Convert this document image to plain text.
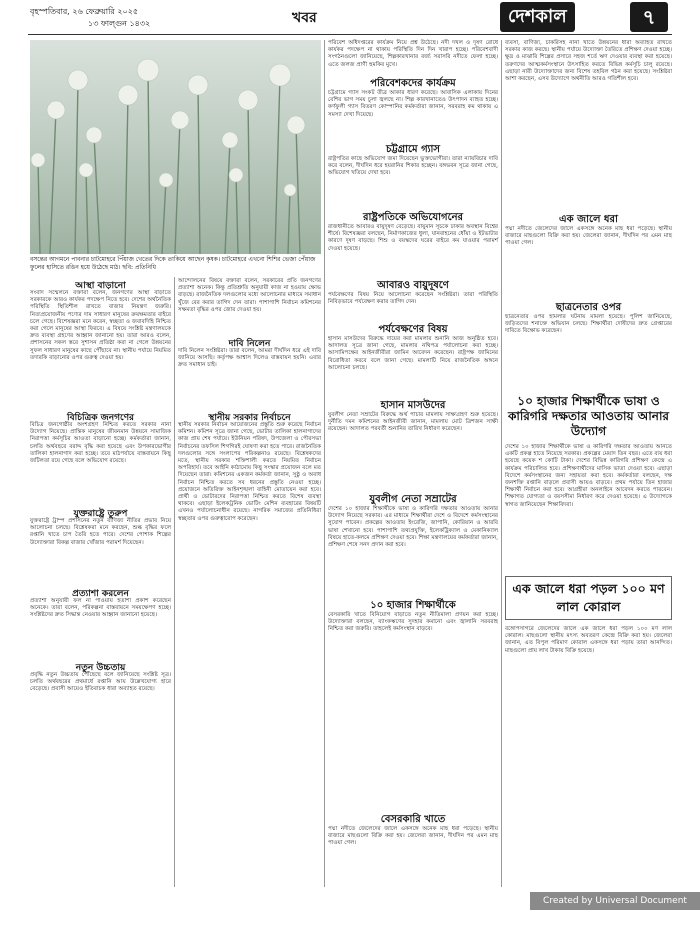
বৃহস্পতিবার, ২৬ ফেব্রুয়ারি ২০২৫
১৩ ফাল্গুন ১৪৩২	খবর	দেশকাল	৭
বসন্তের আগমনে পাবনার চাটমোহরে পিঁয়াজ খেতের দিকে তাকিয়ে আছেন কৃষক। চাটমোহরে এখনো শিশির ভেজা পেঁয়াজ ফুলের হাসিতে রঙিন হয়ে উঠেছে মাঠ। ছবি: প্রতিনিধি
আস্থা বাড়ানো
সংবাদ সম্মেলনে বক্তারা বলেন, জনগণের আস্থা বাড়াতে সরকারকে আরও কার্যকর পদক্ষেপ নিতে হবে। দেশের অর্থনৈতিক পরিস্থিতি স্থিতিশীল রাখতে বাজার নিয়ন্ত্রণ জরুরি। নিত্যপ্রয়োজনীয় পণ্যের দাম সাধারণ মানুষের ক্রয়ক্ষমতার বাইরে চলে গেছে। বিশেষজ্ঞরা মনে করেন, স্বচ্ছতা ও জবাবদিহি নিশ্চিত করা গেলে মানুষের আস্থা ফিরবে। এ বিষয়ে সংশ্লিষ্ট মন্ত্রণালয়কে দ্রুত ব্যবস্থা গ্রহণের আহ্বান জানানো হয়। তারা আরও বলেন, প্রশাসনের সকল স্তরে সুশাসন প্রতিষ্ঠা করা না গেলে উন্নয়নের সুফল সাধারণ মানুষের কাছে পৌঁছাবে না। স্থানীয় পর্যায়ে নিয়মিত তদারকি বাড়ানোর ওপর গুরুত্ব দেওয়া হয়।
বিচিত্রিক জনগণের
বিচিত্র জনগোষ্ঠীর অংশগ্রহণ নিশ্চিত করতে সরকার নানা উদ্যোগ নিয়েছে। প্রান্তিক মানুষের জীবনমান উন্নয়নে সামাজিক নিরাপত্তা কর্মসূচির আওতা বাড়ানো হচ্ছে। কর্মকর্তারা জানান, চলতি অর্থবছরে বরাদ্দ বৃদ্ধি করা হয়েছে এবং উপকারভোগীর তালিকা হালনাগাদ করা হচ্ছে। তবে মাঠপর্যায়ে বাস্তবায়নে কিছু জটিলতা রয়ে গেছে বলে অভিযোগ রয়েছে।
যুক্তরাষ্ট্রে তুরুপ
যুক্তরাষ্ট্রে ট্রাম্প প্রশাসনের নতুন বাণিজ্য নীতির প্রভাব নিয়ে আলোচনা চলছে। বিশ্লেষকরা মনে করছেন, শুল্ক বৃদ্ধির ফলে রপ্তানি খাতে চাপ তৈরি হতে পারে। দেশের পোশাক শিল্পের উদ্যোক্তারা বিকল্প বাজার খোঁজার পরামর্শ দিয়েছেন।
প্রত্যাশা করলেন
প্রত্যাশা অনুযায়ী ফল না পাওয়ায় হতাশা প্রকাশ করেছেন অনেকে। তারা বলেন, পরিকল্পনা বাস্তবায়নে সময়ক্ষেপণ হচ্ছে। সংশ্লিষ্টদের দ্রুত সিদ্ধান্ত নেওয়ার আহ্বান জানানো হয়েছে।
নতুন উচ্চতায়
প্রবৃদ্ধি নতুন উচ্চতায় পৌঁছেছে বলে জানিয়েছে সংশ্লিষ্ট সূত্র। চলতি অর্থবছরের প্রথমার্ধে রপ্তানি আয় উল্লেখযোগ্য হারে বেড়েছে। প্রবাসী আয়েও ইতিবাচক ধারা অব্যাহত রয়েছে।
আন্দোলনের বিষয়ে বক্তারা বলেন, সরকারের প্রতি জনগণের প্রত্যাশা অনেক। কিন্তু প্রতিশ্রুতি অনুযায়ী কাজ না হওয়ায় ক্ষোভ বাড়ছে। রাজনৈতিক দলগুলোর মধ্যে আলোচনার মাধ্যমে সমাধান খুঁজে বের করার তাগিদ দেন তারা। পাশাপাশি নির্বাচন কমিশনের সক্ষমতা বৃদ্ধির ওপর জোর দেওয়া হয়।
দাবি নিলেন
দাবি নিলেন সংশ্লিষ্টরা। তারা বলেন, আমরা দীর্ঘদিন ধরে এই দাবি জানিয়ে আসছি। কর্তৃপক্ষ আশ্বাস দিলেও বাস্তবায়ন হয়নি। এবার দ্রুত সমাধান চাই।
স্থানীয় সরকার নির্বাচনে
স্থানীয় সরকার নির্বাচন আয়োজনের প্রস্তুতি শুরু করেছে নির্বাচন কমিশন। কমিশন সূত্রে জানা গেছে, ভোটার তালিকা হালনাগাদের কাজ প্রায় শেষ পর্যায়ে। ইউনিয়ন পরিষদ, উপজেলা ও পৌরসভা নির্বাচনের তফসিল শিগগিরই ঘোষণা করা হতে পারে। রাজনৈতিক দলগুলোর সঙ্গে সংলাপের পরিকল্পনাও রয়েছে। বিশ্লেষকদের মতে, স্থানীয় সরকার শক্তিশালী করতে নিয়মিত নির্বাচন অপরিহার্য। তবে আইনি কাঠামোয় কিছু সংস্কার প্রয়োজন বলে মত দিয়েছেন তারা। কমিশনের একজন কর্মকর্তা জানান, সুষ্ঠু ও অবাধ নির্বাচন নিশ্চিত করতে সব ধরনের প্রস্তুতি নেওয়া হচ্ছে। প্রয়োজনে অতিরিক্ত আইনশৃঙ্খলা বাহিনী মোতায়েন করা হবে। প্রার্থী ও ভোটারদের নিরাপত্তা নিশ্চিত করতে বিশেষ ব্যবস্থা থাকবে। এছাড়া ইলেকট্রনিক ভোটিং মেশিন ব্যবহারের বিষয়টি এখনও পর্যালোচনাধীন রয়েছে। নাগরিক সমাজের প্রতিনিধিরা স্বচ্ছতার ওপর গুরুত্বারোপ করেছেন।
পরিবেশ অধিদপ্তরের কার্যক্রম নিয়ে প্রশ্ন উঠেছে। নদী দখল ও দূষণ রোধে কার্যকর পদক্ষেপ না থাকায় পরিস্থিতি দিন দিন খারাপ হচ্ছে। পরিবেশবাদী সংগঠনগুলো জানিয়েছে, শিল্পকারখানার বর্জ্য সরাসরি নদীতে ফেলা হচ্ছে। এতে জলজ প্রাণী হুমকির মুখে।
পরিবেশকদের কার্যক্রম
চট্টগ্রামে গ্যাস সংকট তীব্র আকার ধারণ করেছে। আবাসিক এলাকায় দিনের বেশির ভাগ সময় চুলা জ্বলছে না। শিল্প কারখানাতেও উৎপাদন ব্যাহত হচ্ছে। কর্ণফুলী গ্যাস বিতরণ কোম্পানির কর্মকর্তারা জানান, সরবরাহ কম থাকায় এ সমস্যা দেখা দিয়েছে।
চট্টগ্রামে গ্যাস
রাষ্ট্রপতির কাছে অভিযোগ জমা দিয়েছেন ভুক্তভোগীরা। তারা ন্যায়বিচার দাবি করে বলেন, দীর্ঘদিন ধরে হয়রানির শিকার হচ্ছেন। বঙ্গভবন সূত্রে জানা গেছে, অভিযোগ খতিয়ে দেখা হবে।
রাষ্ট্রপতিকে অভিযোগনের
রাজধানীতে আবারও বায়ুদূষণ বেড়েছে। বায়ুমান সূচকে ঢাকার অবস্থান বিশ্বের শীর্ষে। বিশেষজ্ঞরা বলছেন, নির্মাণকাজের ধুলা, যানবাহনের ধোঁয়া ও ইটভাটার কারণে দূষণ বাড়ছে। শিশু ও বয়স্কদের ঘরের বাইরে কম যাওয়ার পরামর্শ দেওয়া হয়েছে।
আবারও বায়ুদূষণে
পর্যবেক্ষণের বিষয় নিয়ে আলোচনা করেছেন সংশ্লিষ্টরা। তারা পরিস্থিতি নিবিড়ভাবে পর্যবেক্ষণ করার তাগিদ দেন।
পর্যবেক্ষণের বিষয়
হাসান মাসউদের বিরুদ্ধে দায়ের করা মামলার শুনানি আজ অনুষ্ঠিত হবে। আদালত সূত্রে জানা গেছে, মামলার নথিপত্র পর্যালোচনা করা হচ্ছে। আসামিপক্ষের আইনজীবীরা জামিন আবেদন করেছেন। রাষ্ট্রপক্ষ জামিনের বিরোধিতা করবে বলে জানা গেছে। মামলাটি নিয়ে রাজনৈতিক অঙ্গনে আলোচনা চলছে।
হাসান মাসউদের
যুবলীগ নেতা সম্রাটের বিরুদ্ধে অর্থ পাচার মামলায় সাক্ষ্যগ্রহণ শুরু হয়েছে। দুর্নীতি দমন কমিশনের আইনজীবী জানান, মামলায় মোট ত্রিশজন সাক্ষী রয়েছেন। আদালত পরবর্তী শুনানির তারিখ নির্ধারণ করেছেন।
যুবলীগ নেতা সম্রাটের
দেশের ১০ হাজার শিক্ষার্থীকে ভাষা ও কারিগরি দক্ষতার আওতায় আনার উদ্যোগ নিয়েছে সরকার। এর মাধ্যমে শিক্ষার্থীরা দেশে ও বিদেশে কর্মসংস্থানের সুযোগ পাবেন। প্রকল্পের আওতায় ইংরেজি, জাপানি, কোরিয়ান ও আরবি ভাষা শেখানো হবে। পাশাপাশি তথ্যপ্রযুক্তি, ইলেকট্রিক্যাল ও মেকানিক্যাল বিষয়ে হাতে-কলমে প্রশিক্ষণ দেওয়া হবে। শিক্ষা মন্ত্রণালয়ের কর্মকর্তারা জানান, প্রশিক্ষণ শেষে সনদ প্রদান করা হবে।
১০ হাজার শিক্ষার্থীকে
বেসরকারি খাতে বিনিয়োগ বাড়াতে নতুন নীতিমালা প্রণয়ন করা হচ্ছে। উদ্যোক্তারা বলছেন, ব্যাংকঋণের সুদহার কমানো এবং জ্বালানি সরবরাহ নিশ্চিত করা জরুরি। তাহলেই কর্মসংস্থান বাড়বে।
বেসরকারি খাতে
পদ্মা নদীতে জেলেদের জালে একসঙ্গে অনেক মাছ ধরা পড়েছে। স্থানীয় বাজারে মাছগুলো বিক্রি করা হয়। জেলেরা জানান, দীর্ঘদিন পর এমন মাছ পাওয়া গেল।
ব্যবসা, বাণিজ্য, চাকরিসহ নানা খাতে উন্নয়নের ধারা অব্যাহত রাখতে সরকার কাজ করছে। স্থানীয় পর্যায়ে উদ্যোক্তা তৈরিতে প্রশিক্ষণ দেওয়া হচ্ছে। ক্ষুদ্র ও মাঝারি শিল্পের প্রসারে সহজ শর্তে ঋণ দেওয়ার ব্যবস্থা করা হয়েছে। তরুণদের আত্মকর্মসংস্থানে উৎসাহিত করতে বিভিন্ন কর্মসূচি চালু রয়েছে। এছাড়া নারী উদ্যোক্তাদের জন্য বিশেষ তহবিল গঠন করা হয়েছে। সংশ্লিষ্টরা আশা করছেন, এসব উদ্যোগে অর্থনীতি আরও গতিশীল হবে।
এক জালে ধরা
পদ্মা নদীতে জেলেদের জালে একসঙ্গে অনেক মাছ ধরা পড়েছে। স্থানীয় বাজারে মাছগুলো বিক্রি করা হয়। জেলেরা জানান, দীর্ঘদিন পর এমন মাছ পাওয়া গেল।
ছাত্রনেতার ওপর
ছাত্রনেতার ওপর হামলার ঘটনায় মামলা হয়েছে। পুলিশ জানিয়েছে, জড়িতদের শনাক্তে অভিযান চলছে। শিক্ষার্থীরা দোষীদের দ্রুত গ্রেপ্তারের দাবিতে বিক্ষোভ করেছেন।
১০ হাজার শিক্ষার্থীকে ভাষা ও কারিগরি দক্ষতার আওতায় আনার উদ্যোগ
দেশের ১০ হাজার শিক্ষার্থীকে ভাষা ও কারিগরি দক্ষতার আওতায় আনতে একটি প্রকল্প হাতে নিয়েছে সরকার। প্রকল্পের মেয়াদ তিন বছর। এতে ব্যয় ধরা হয়েছে কয়েক শ কোটি টাকা। দেশের বিভিন্ন কারিগরি প্রশিক্ষণ কেন্দ্রে এ কার্যক্রম পরিচালিত হবে। প্রশিক্ষণার্থীদের মাসিক ভাতা দেওয়া হবে। এছাড়া বিদেশে কর্মসংস্থানের জন্য সহায়তা করা হবে। কর্মকর্তারা বলছেন, দক্ষ জনশক্তি রপ্তানি বাড়লে প্রবাসী আয়ও বাড়বে। প্রথম পর্যায়ে তিন হাজার শিক্ষার্থী নির্বাচন করা হবে। আগ্রহীরা অনলাইনে আবেদন করতে পারবেন। শিক্ষাগত যোগ্যতা ও বয়সসীমা নির্ধারণ করে দেওয়া হয়েছে। এ উদ্যোগকে স্বাগত জানিয়েছেন শিক্ষাবিদরা।
এক জালে ধরা পড়ল ১০০ মণ লাল কোরাল
বঙ্গোপসাগরে জেলেদের জালে এক জালে ধরা পড়ল ১০০ মণ লাল কোরাল। মাছগুলো স্থানীয় মৎস্য অবতরণ কেন্দ্রে বিক্রি করা হয়। জেলেরা জানান, এত বিপুল পরিমাণ কোরাল একসঙ্গে ধরা পড়ায় তারা আনন্দিত। মাছগুলো প্রায় লাখ টাকায় বিক্রি হয়েছে।
Created by Universal Document Converter
